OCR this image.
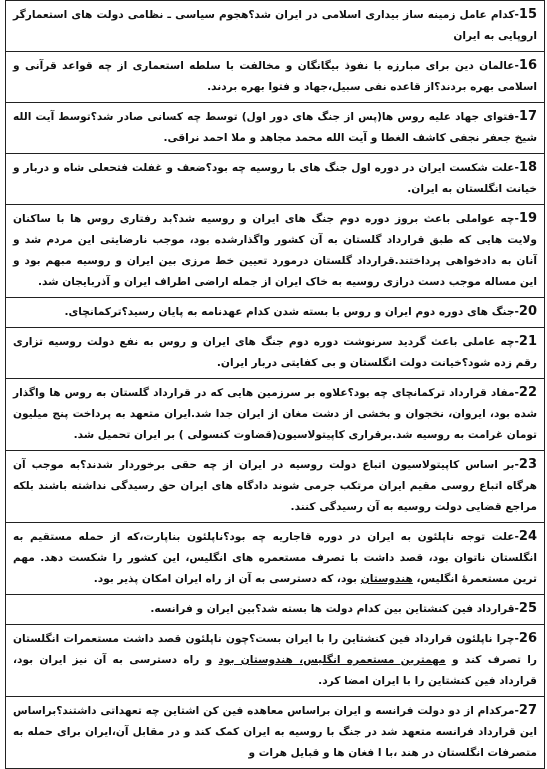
15-کدام عامل زمینه ساز بیداری اسلامی در ایران شد؟هجوم سیاسی ـ نظامی دولت های استعمارگر اروپایی به ایران
16-عالمان دین برای مبارزه با نفوذ بیگانگان و مخالفت با سلطه استعماری از چه قواعد قرآنی و اسلامی بهره بردند؟از قاعده نفی سبیل،جهاد و فتوا بهره بردند.
17-فتوای جهاد علیه روس ها(پس از جنگ های دور اول) توسط چه کسانی صادر شد؟توسط آیت الله شیخ جعفر نجفی کاشف الغطا و آیت الله محمد مجاهد و ملا احمد نراقی.
18-علت شکست ایران در دوره اول جنگ های با روسیه چه بود؟ضعف و غفلت فتحعلی شاه و دربار و خیانت انگلستان به ایران.
19-چه عواملی باعث بروز دوره دوم جنگ های ایران و روسیه شد؟بد رفتاری روس ها با ساکنان ولایت هایی که طبق قرارداد گلستان به آن کشور واگذارشده بود، موجب نارضایتی این مردم شد و آنان به دادخواهی پرداختند.قرارداد گلستان درمورد تعیین خط مرزی بین ایران و روسیه مبهم بود و این مساله موجب دست درازی روسیه به خاک ایران از جمله اراضی اطراف ایران و آذربایجان شد.
20-جنگ های دوره دوم ایران و روس با بسته شدن کدام عهدنامه به پایان رسید؟ترکمانچای.
21-چه عاملی باعث گردید سرنوشت دوره دوم جنگ های ایران و روس به نفع دولت روسیه تزاری رقم زده شود؟خیانت دولت انگلستان و بی کفایتی دربار ایران.
22-مفاد قرارداد ترکمانچای چه بود؟علاوه بر سرزمین هایی که در قرارداد گلستان به روس ها واگذار شده بود، ایروان، نخجوان و بخشی از دشت مغان از ایران جدا شد.ایران متعهد به پرداخت پنج میلیون تومان غرامت به روسیه شد.برقراری کاپیتولاسیون(قضاوت کنسولی ) بر ایران تحمیل شد.
23-بر اساس کاپیتولاسیون اتباع دولت روسیه در ایران از چه حقی برخوردار شدند؟به موجب آن هرگاه اتباع روسی مقیم ایران مرتکب جرمی شوند دادگاه های ایران حق رسیدگی نداشته باشند بلکه مراجع قضایی دولت روسیه به آن رسیدگی کنند.
24-علت توجه ناپلئون به ایران در دوره قاجاریه چه بود؟ناپلئون بناپارت،که از حمله مستقیم به انگلستان ناتوان بود، قصد داشت با تصرف مستعمره های انگلیس، این کشور را شکست دهد. مهم ترین مستعمرۀ انگلیس، هندوستان بود، که دسترسی به آن از راه ایران امکان پذیر بود.
25-قرارداد فین کنشتاین بین کدام دولت ها بسته شد؟بین ایران و فرانسه.
26-چرا ناپلئون قرارداد فین کنشتاین را با ایران بست؟چون ناپلئون قصد داشت مستعمرات انگلستان را تصرف کند و مهمترین مستعمره انگلیس، هندوستان بود و راه دسترسی به آن نیز ایران بود، قرارداد فین کنشتاین را با ایران امضا کرد.
27-مرکدام از دو دولت فرانسه و ایران براساس معاهده فین کن اشتاین چه تعهداتی داشتند؟براساس این قرارداد فرانسه متعهد شد در جنگ با روسیه به ایران کمک کند و در مقابل آن،ایران برای حمله به متصرفات انگلستان در هند ،با ا فغان ها و قبایل هرات و
